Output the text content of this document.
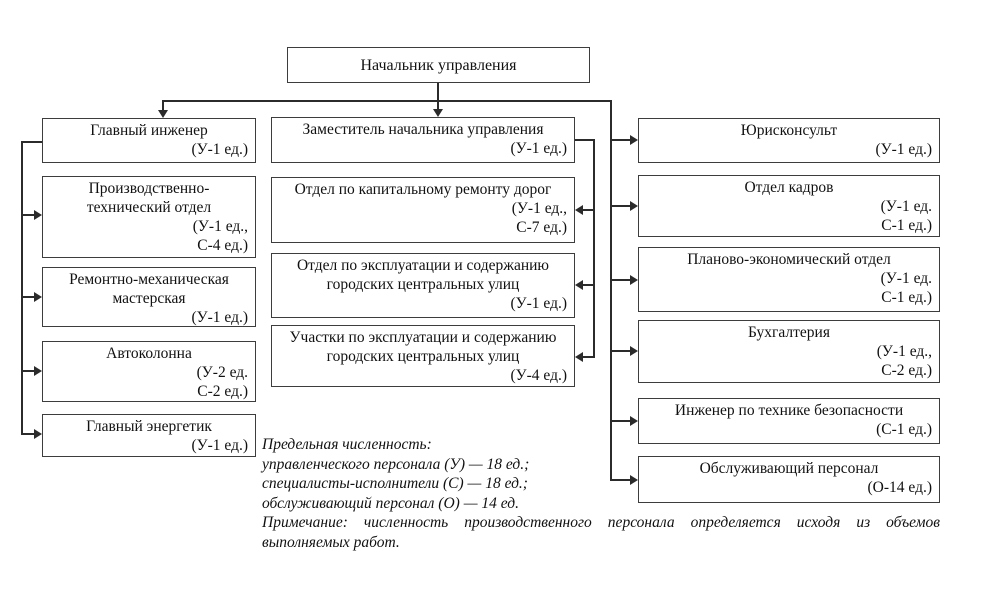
Начальник управления
Главный инженер
(У-1 ед.)
Производственно-
технический отдел
(У-1 ед.,
С-4 ед.)
Ремонтно-механическая
мастерская
(У-1 ед.)
Автоколонна
(У-2 ед.
С-2 ед.)
Главный энергетик
(У-1 ед.)
Заместитель начальника управления
(У-1 ед.)
Отдел по капитальному ремонту дорог
(У-1 ед.,
С-7 ед.)
Отдел по эксплуатации и содержанию
городских центральных улиц
(У-1 ед.)
Участки по эксплуатации и содержанию
городских центральных улиц
(У-4 ед.)
Юрисконсульт
(У-1 ед.)
Отдел кадров
(У-1 ед.
С-1 ед.)
Планово-экономический отдел
(У-1 ед.
С-1 ед.)
Бухгалтерия
(У-1 ед.,
С-2 ед.)
Инженер по технике безопасности
(С-1 ед.)
Обслуживающий персонал
(О-14 ед.)
Предельная численность:
управленческого персонала (У) — 18 ед.;
специалисты-исполнители (С) — 18 ед.;
обслуживающий персонал (О) — 14 ед.

Примечание: численность производственного персонала определяется исходя из объемов выполняемых работ.
